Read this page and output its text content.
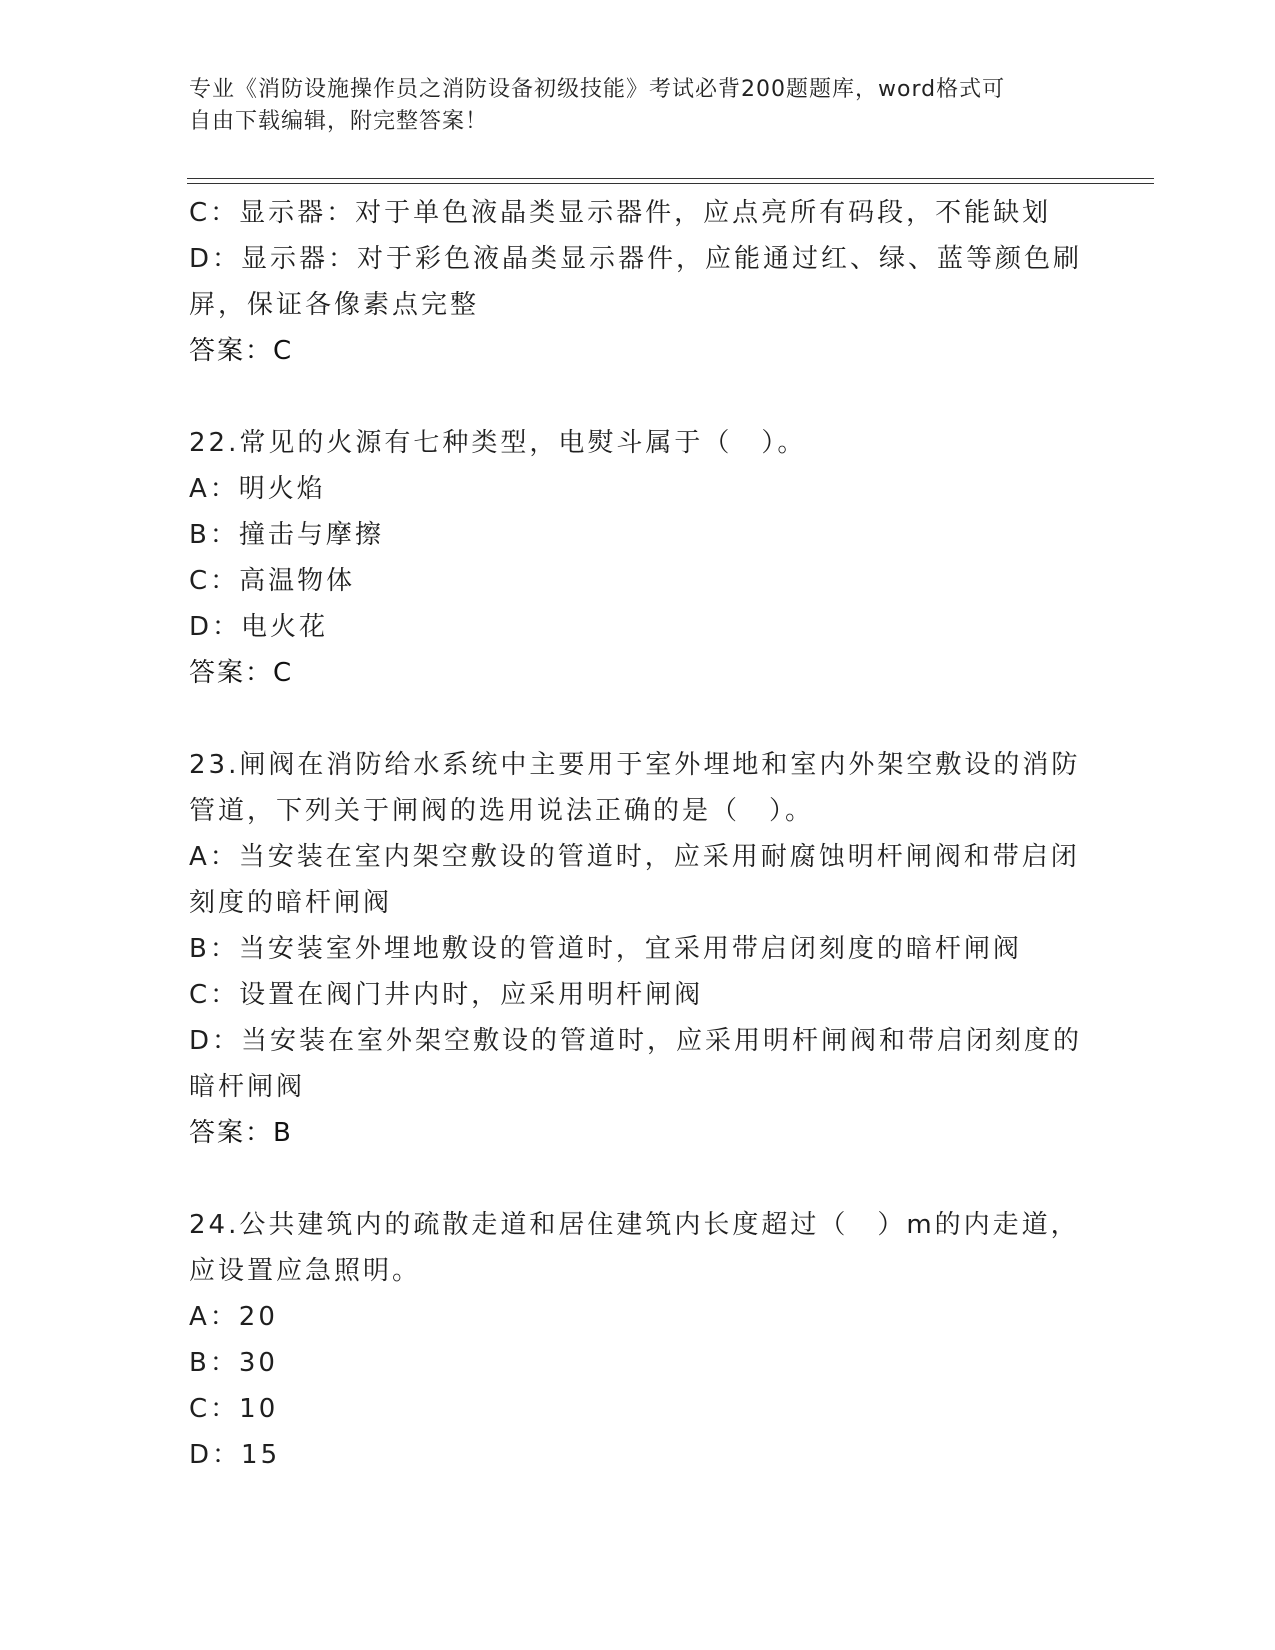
专业《消防设施操作员之消防设备初级技能》考试必背200题题库，word格式可
自由下载编辑，附完整答案！
C：显示器：对于单色液晶类显示器件，应点亮所有码段，不能缺划
D：显示器：对于彩色液晶类显示器件，应能通过红、绿、蓝等颜色刷
屏，保证各像素点完整
答案：C
22.常见的火源有七种类型，电熨斗属于（　）。
A：明火焰
B：撞击与摩擦
C：高温物体
D：电火花
答案：C
23.闸阀在消防给水系统中主要用于室外埋地和室内外架空敷设的消防
管道，下列关于闸阀的选用说法正确的是（　）。
A：当安装在室内架空敷设的管道时，应采用耐腐蚀明杆闸阀和带启闭
刻度的暗杆闸阀
B：当安装室外埋地敷设的管道时，宜采用带启闭刻度的暗杆闸阀
C：设置在阀门井内时，应采用明杆闸阀
D：当安装在室外架空敷设的管道时，应采用明杆闸阀和带启闭刻度的
暗杆闸阀
答案：B
24.公共建筑内的疏散走道和居住建筑内长度超过（　）m的内走道，
应设置应急照明。
A：20
B：30
C：10
D：15
